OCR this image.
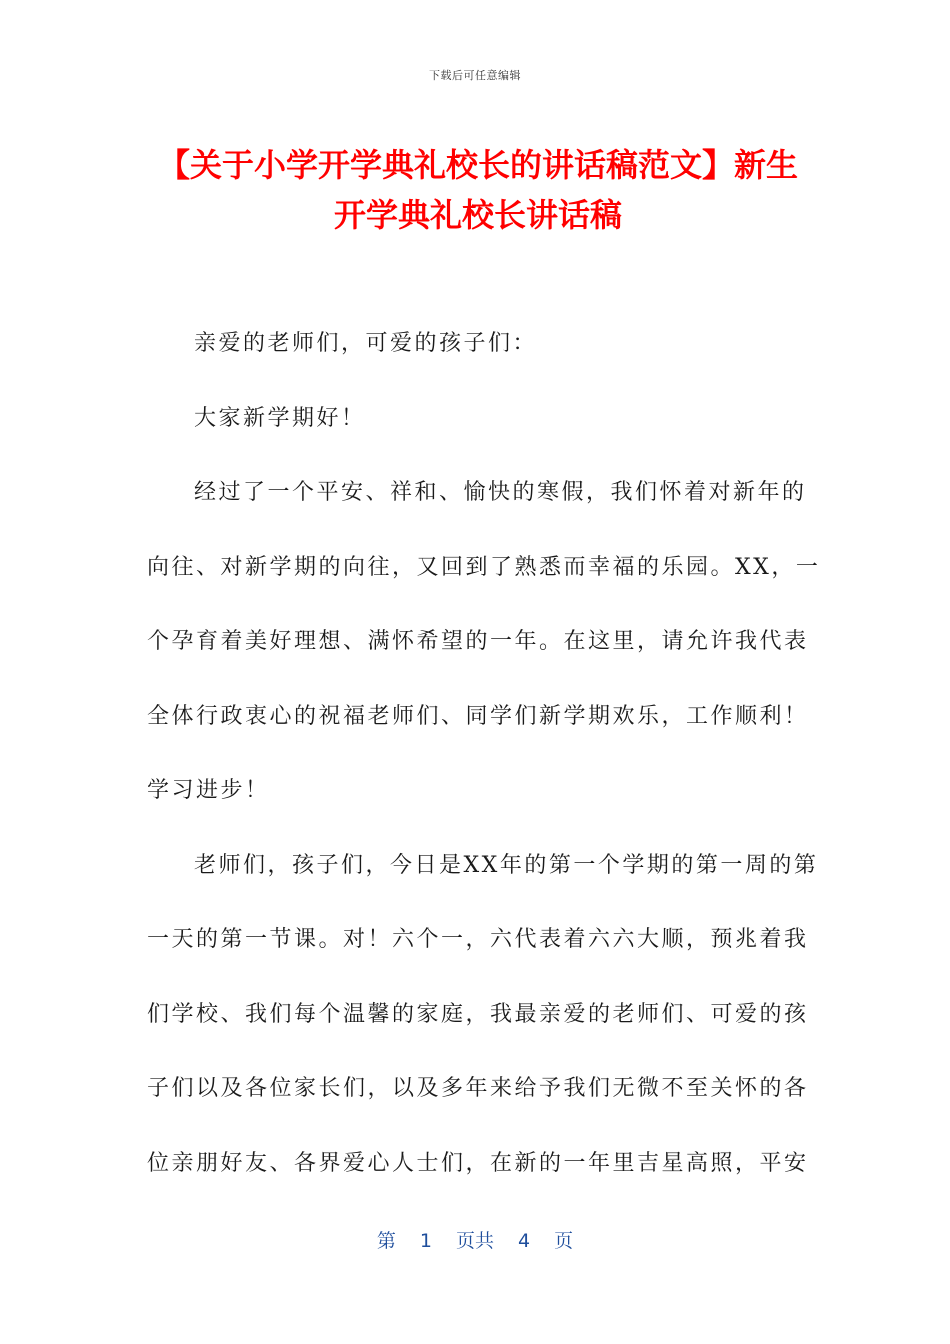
下载后可任意编辑
【关于小学开学典礼校长的讲话稿范文】新生开学典礼校长讲话稿
亲爱的老师们，可爱的孩子们：
大家新学期好！
经过了一个平安、祥和、愉快的寒假，我们怀着对新年的
向往、对新学期的向往，又回到了熟悉而幸福的乐园。XX，一
个孕育着美好理想、满怀希望的一年。在这里，请允许我代表
全体行政衷心的祝福老师们、同学们新学期欢乐，工作顺利！
学习进步！
老师们，孩子们，今日是XX年的第一个学期的第一周的第
一天的第一节课。对！六个一，六代表着六六大顺，预兆着我
们学校、我们每个温馨的家庭，我最亲爱的老师们、可爱的孩
子们以及各位家长们，以及多年来给予我们无微不至关怀的各
位亲朋好友、各界爱心人士们，在新的一年里吉星高照，平安
第 1 页共 4 页
